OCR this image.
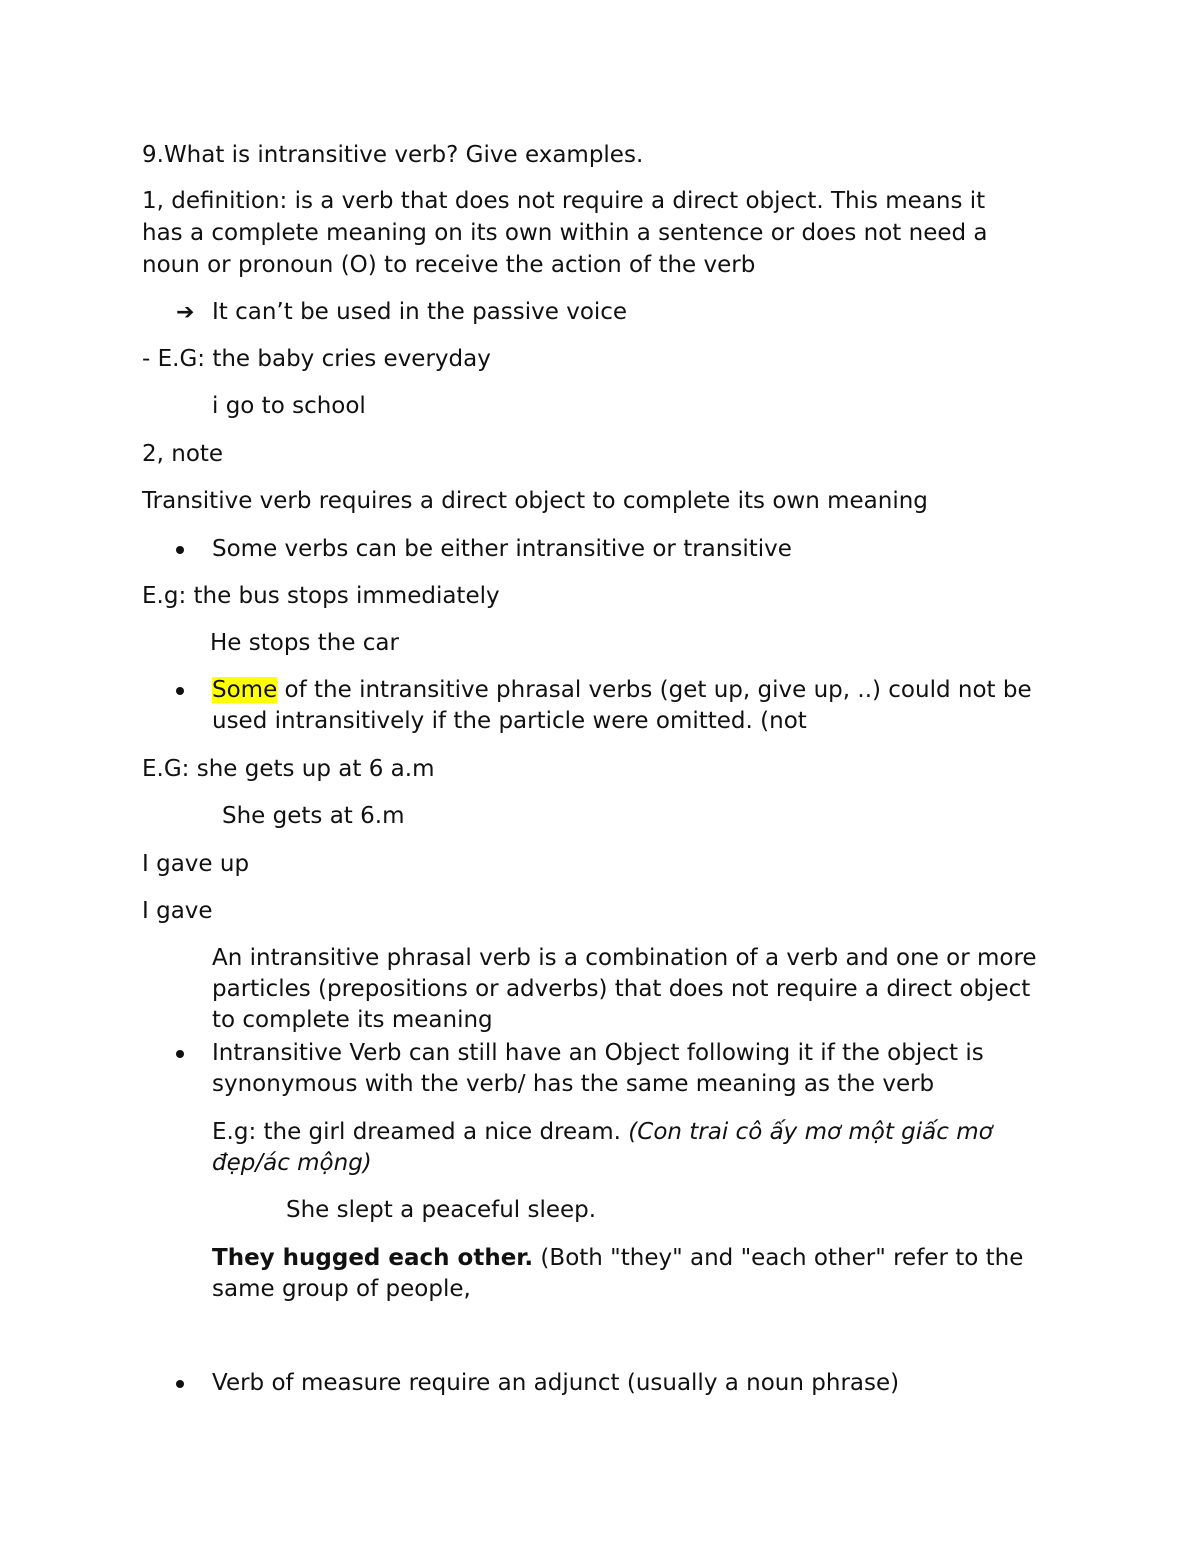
9.What is intransitive verb? Give examples.
1, definition: is a verb that does not require a direct object. This means it
has a complete meaning on its own within a sentence or does not need a
noun or pronoun (O) to receive the action of the verb
➔ It can’t be used in the passive voice
- E.G: the baby cries everyday
i go to school
2, note
Transitive verb requires a direct object to complete its own meaning
Some verbs can be either intransitive or transitive
E.g: the bus stops immediately
He stops the car
Some of the intransitive phrasal verbs (get up, give up, ..) could not be
used intransitively if the particle were omitted. (not
E.G: she gets up at 6 a.m
She gets at 6.m
I gave up
I gave
An intransitive phrasal verb is a combination of a verb and one or more
particles (prepositions or adverbs) that does not require a direct object
to complete its meaning
Intransitive Verb can still have an Object following it if the object is
synonymous with the verb/ has the same meaning as the verb
E.g: the girl dreamed a nice dream. (Con trai cô ấy mơ một giấc mơ
đẹp/ác mộng)
She slept a peaceful sleep.
They hugged each other. (Both "they" and "each other" refer to the
same group of people,
Verb of measure require an adjunct (usually a noun phrase)
